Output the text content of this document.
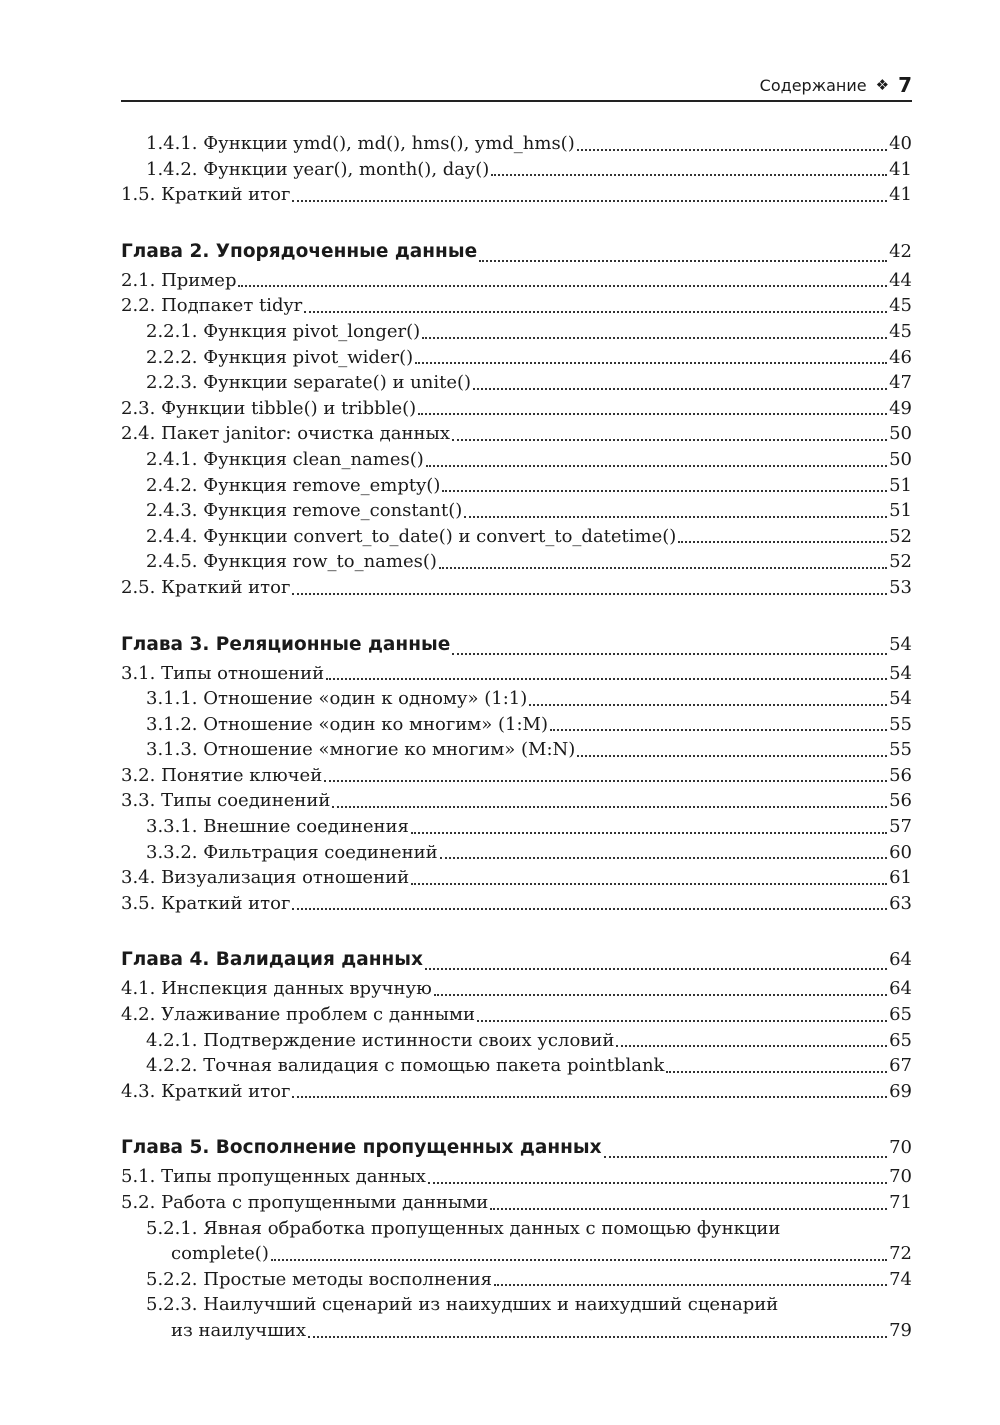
Содержание ❖ 7
1.4.1. Функции ymd(), md(), hms(), ymd_hms()	40
1.4.2. Функции year(), month(), day()	41
1.5. Краткий итог	41
Глава 2. Упорядоченные данные	42
2.1. Пример	44
2.2. Подпакет tidyr	45
2.2.1. Функция pivot_longer()	45
2.2.2. Функция pivot_wider()	46
2.2.3. Функции separate() и unite()	47
2.3. Функции tibble() и tribble()	49
2.4. Пакет janitor: очистка данных	50
2.4.1. Функция clean_names()	50
2.4.2. Функция remove_empty()	51
2.4.3. Функция remove_constant()	51
2.4.4. Функции convert_to_date() и convert_to_datetime()	52
2.4.5. Функция row_to_names()	52
2.5. Краткий итог	53
Глава 3. Реляционные данные	54
3.1. Типы отношений	54
3.1.1. Отношение «один к одному» (1:1)	54
3.1.2. Отношение «один ко многим» (1:M)	55
3.1.3. Отношение «многие ко многим» (M:N)	55
3.2. Понятие ключей	56
3.3. Типы соединений	56
3.3.1. Внешние соединения	57
3.3.2. Фильтрация соединений	60
3.4. Визуализация отношений	61
3.5. Краткий итог	63
Глава 4. Валидация данных	64
4.1. Инспекция данных вручную	64
4.2. Улаживание проблем с данными	65
4.2.1. Подтверждение истинности своих условий	65
4.2.2. Точная валидация с помощью пакета pointblank	67
4.3. Краткий итог	69
Глава 5. Восполнение пропущенных данных	70
5.1. Типы пропущенных данных	70
5.2. Работа с пропущенными данными	71
5.2.1. Явная обработка пропущенных данных с помощью функции
complete()	72
5.2.2. Простые методы восполнения	74
5.2.3. Наилучший сценарий из наихудших и наихудший сценарий
из наилучших	79
